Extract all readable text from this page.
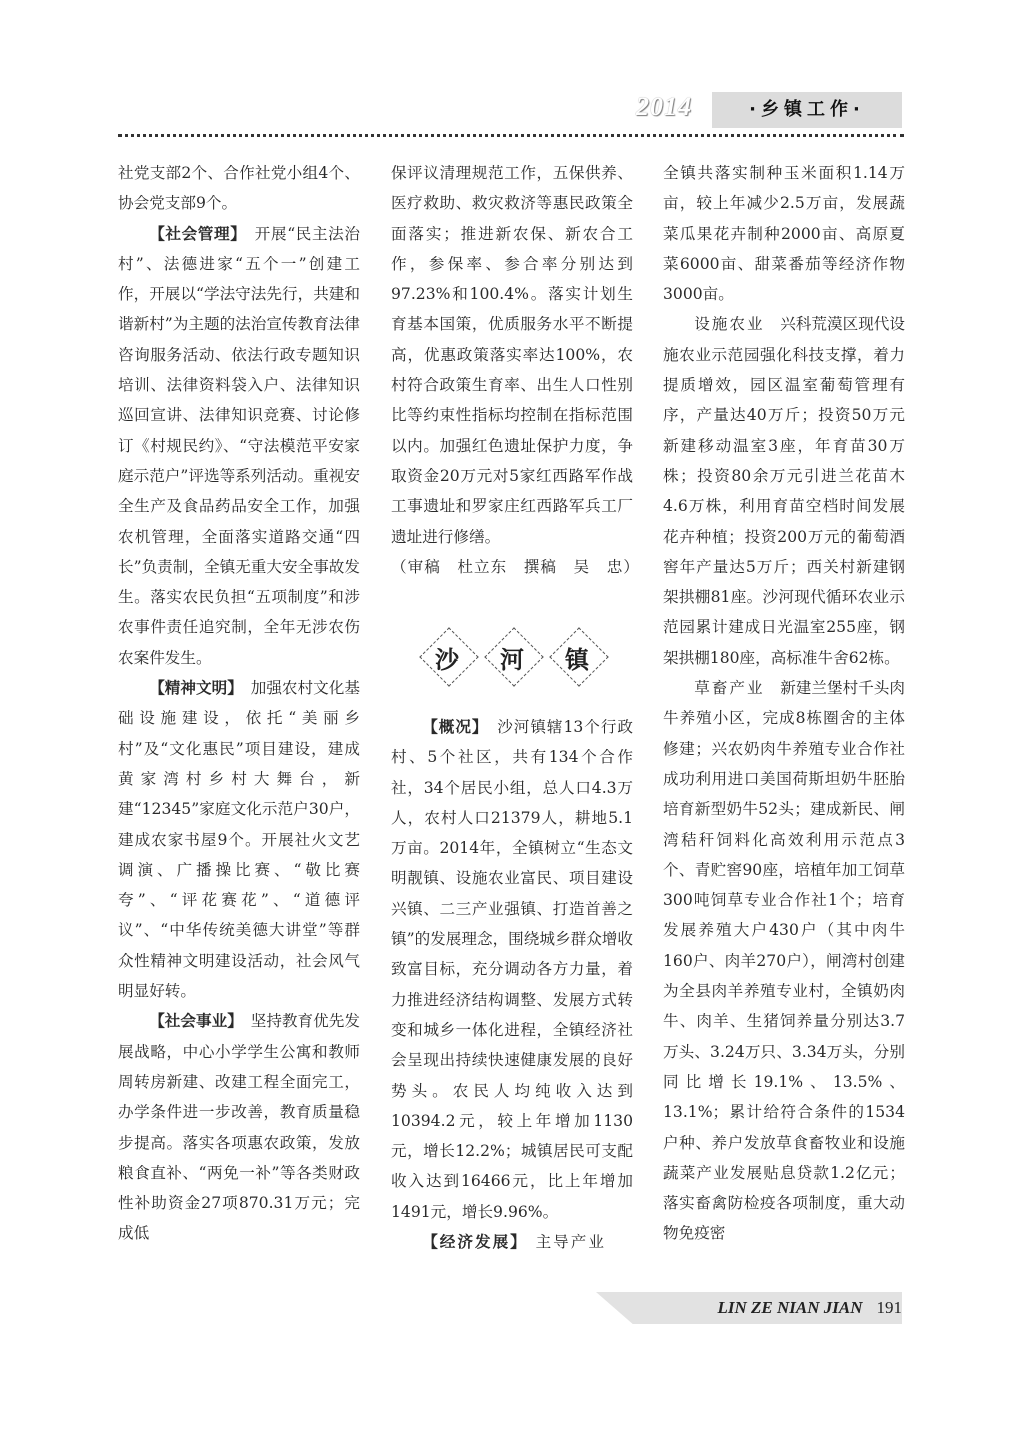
2014	·乡镇工作·

社党支部2个、合作社党小组4个、协会党支部9个。

【社会管理】　 开展“民主法治村”、法德进家“五个一”创建工作，开展以“学法守法先行，共建和谐新村”为主题的法治宣传教育法律咨询服务活动、依法行政专题知识培训、法律资料袋入户、法律知识巡回宣讲、法律知识竞赛、讨论修订《村规民约》、“守法模范平安家庭示范户”评选等系列活动。重视安全生产及食品药品安全工作，加强农机管理，全面落实道路交通“四长”负责制，全镇无重大安全事故发生。落实农民负担“五项制度”和涉农事件责任追究制，全年无涉农伤农案件发生。

【精神文明】　 加强农村文化基础设施建设，依托“美丽乡村”及“文化惠民”项目建设，建成黄家湾村乡村大舞台，新建“12345”家庭文化示范户30户，建成农家书屋9个。开展社火文艺调演、广播操比赛、“敬比赛夸”、“评花赛花”、“道德评议”、“中华传统美德大讲堂”等群众性精神文明建设活动，社会风气明显好转。

【社会事业】　 坚持教育优先发展战略，中心小学学生公寓和教师周转房新建、改建工程全面完工，办学条件进一步改善，教育质量稳步提高。落实各项惠农政策，发放粮食直补、“两免一补”等各类财政性补助资金27项870.31万元；完成低

保评议清理规范工作，五保供养、医疗救助、救灾救济等惠民政策全面落实；推进新农保、新农合工作，参保率、参合率分别达到97.23%和100.4%。落实计划生育基本国策，优质服务水平不断提高，优惠政策落实率达100%，农村符合政策生育率、出生人口性别比等约束性指标均控制在指标范围以内。加强红色遗址保护力度，争取资金20万元对5家红西路军作战工事遗址和罗家庄红西路军兵工厂遗址进行修缮。

（审稿　杜立东　撰稿　吴　忠）

沙	河	镇

【概况】　 沙河镇辖13个行政村、5个社区，共有134个合作社，34个居民小组，总人口4.3万人，农村人口21379人，耕地5.1万亩。2014年，全镇树立“生态文明靓镇、设施农业富民、项目建设兴镇、二三产业强镇、打造首善之镇”的发展理念，围绕城乡群众增收致富目标，充分调动各方力量，着力推进经济结构调整、发展方式转变和城乡一体化进程，全镇经济社会呈现出持续快速健康发展的良好势头。农民人均纯收入达到10394.2元，较上年增加1130元，增长12.2%；城镇居民可支配收入达到16466元，比上年增加1491元，增长9.96%。

【经济发展】　 主导产业

全镇共落实制种玉米面积1.14万亩，较上年减少2.5万亩，发展蔬菜瓜果花卉制种2000亩、高原夏菜6000亩、甜菜番茄等经济作物3000亩。

设施农业　 兴科荒漠区现代设施农业示范园强化科技支撑，着力提质增效，园区温室葡萄管理有序，产量达40万斤；投资50万元新建移动温室3座，年育苗30万株；投资80余万元引进兰花苗木4.6万株，利用育苗空档时间发展花卉种植；投资200万元的葡萄酒窖年产量达5万斤；西关村新建钢架拱棚81座。沙河现代循环农业示范园累计建成日光温室255座，钢架拱棚180座，高标准牛舍62栋。

草畜产业　 新建兰堡村千头肉牛养殖小区，完成8栋圈舍的主体修建；兴农奶肉牛养殖专业合作社成功利用进口美国荷斯坦奶牛胚胎培育新型奶牛52头；建成新民、闸湾秸秆饲料化高效利用示范点3个、青贮窖90座，培植年加工饲草300吨饲草专业合作社1个；培育发展养殖大户430户（其中肉牛160户、肉羊270户），闸湾村创建为全县肉羊养殖专业村，全镇奶肉牛、肉羊、生猪饲养量分别达3.7万头、3.24万只、3.34万头，分别同比增长19.1%、13.5%、13.1%；累计给符合条件的1534户种、养户发放草食畜牧业和设施蔬菜产业发展贴息贷款1.2亿元；落实畜禽防检疫各项制度，重大动物免疫密

LIN ZE NIAN JIAN 191
